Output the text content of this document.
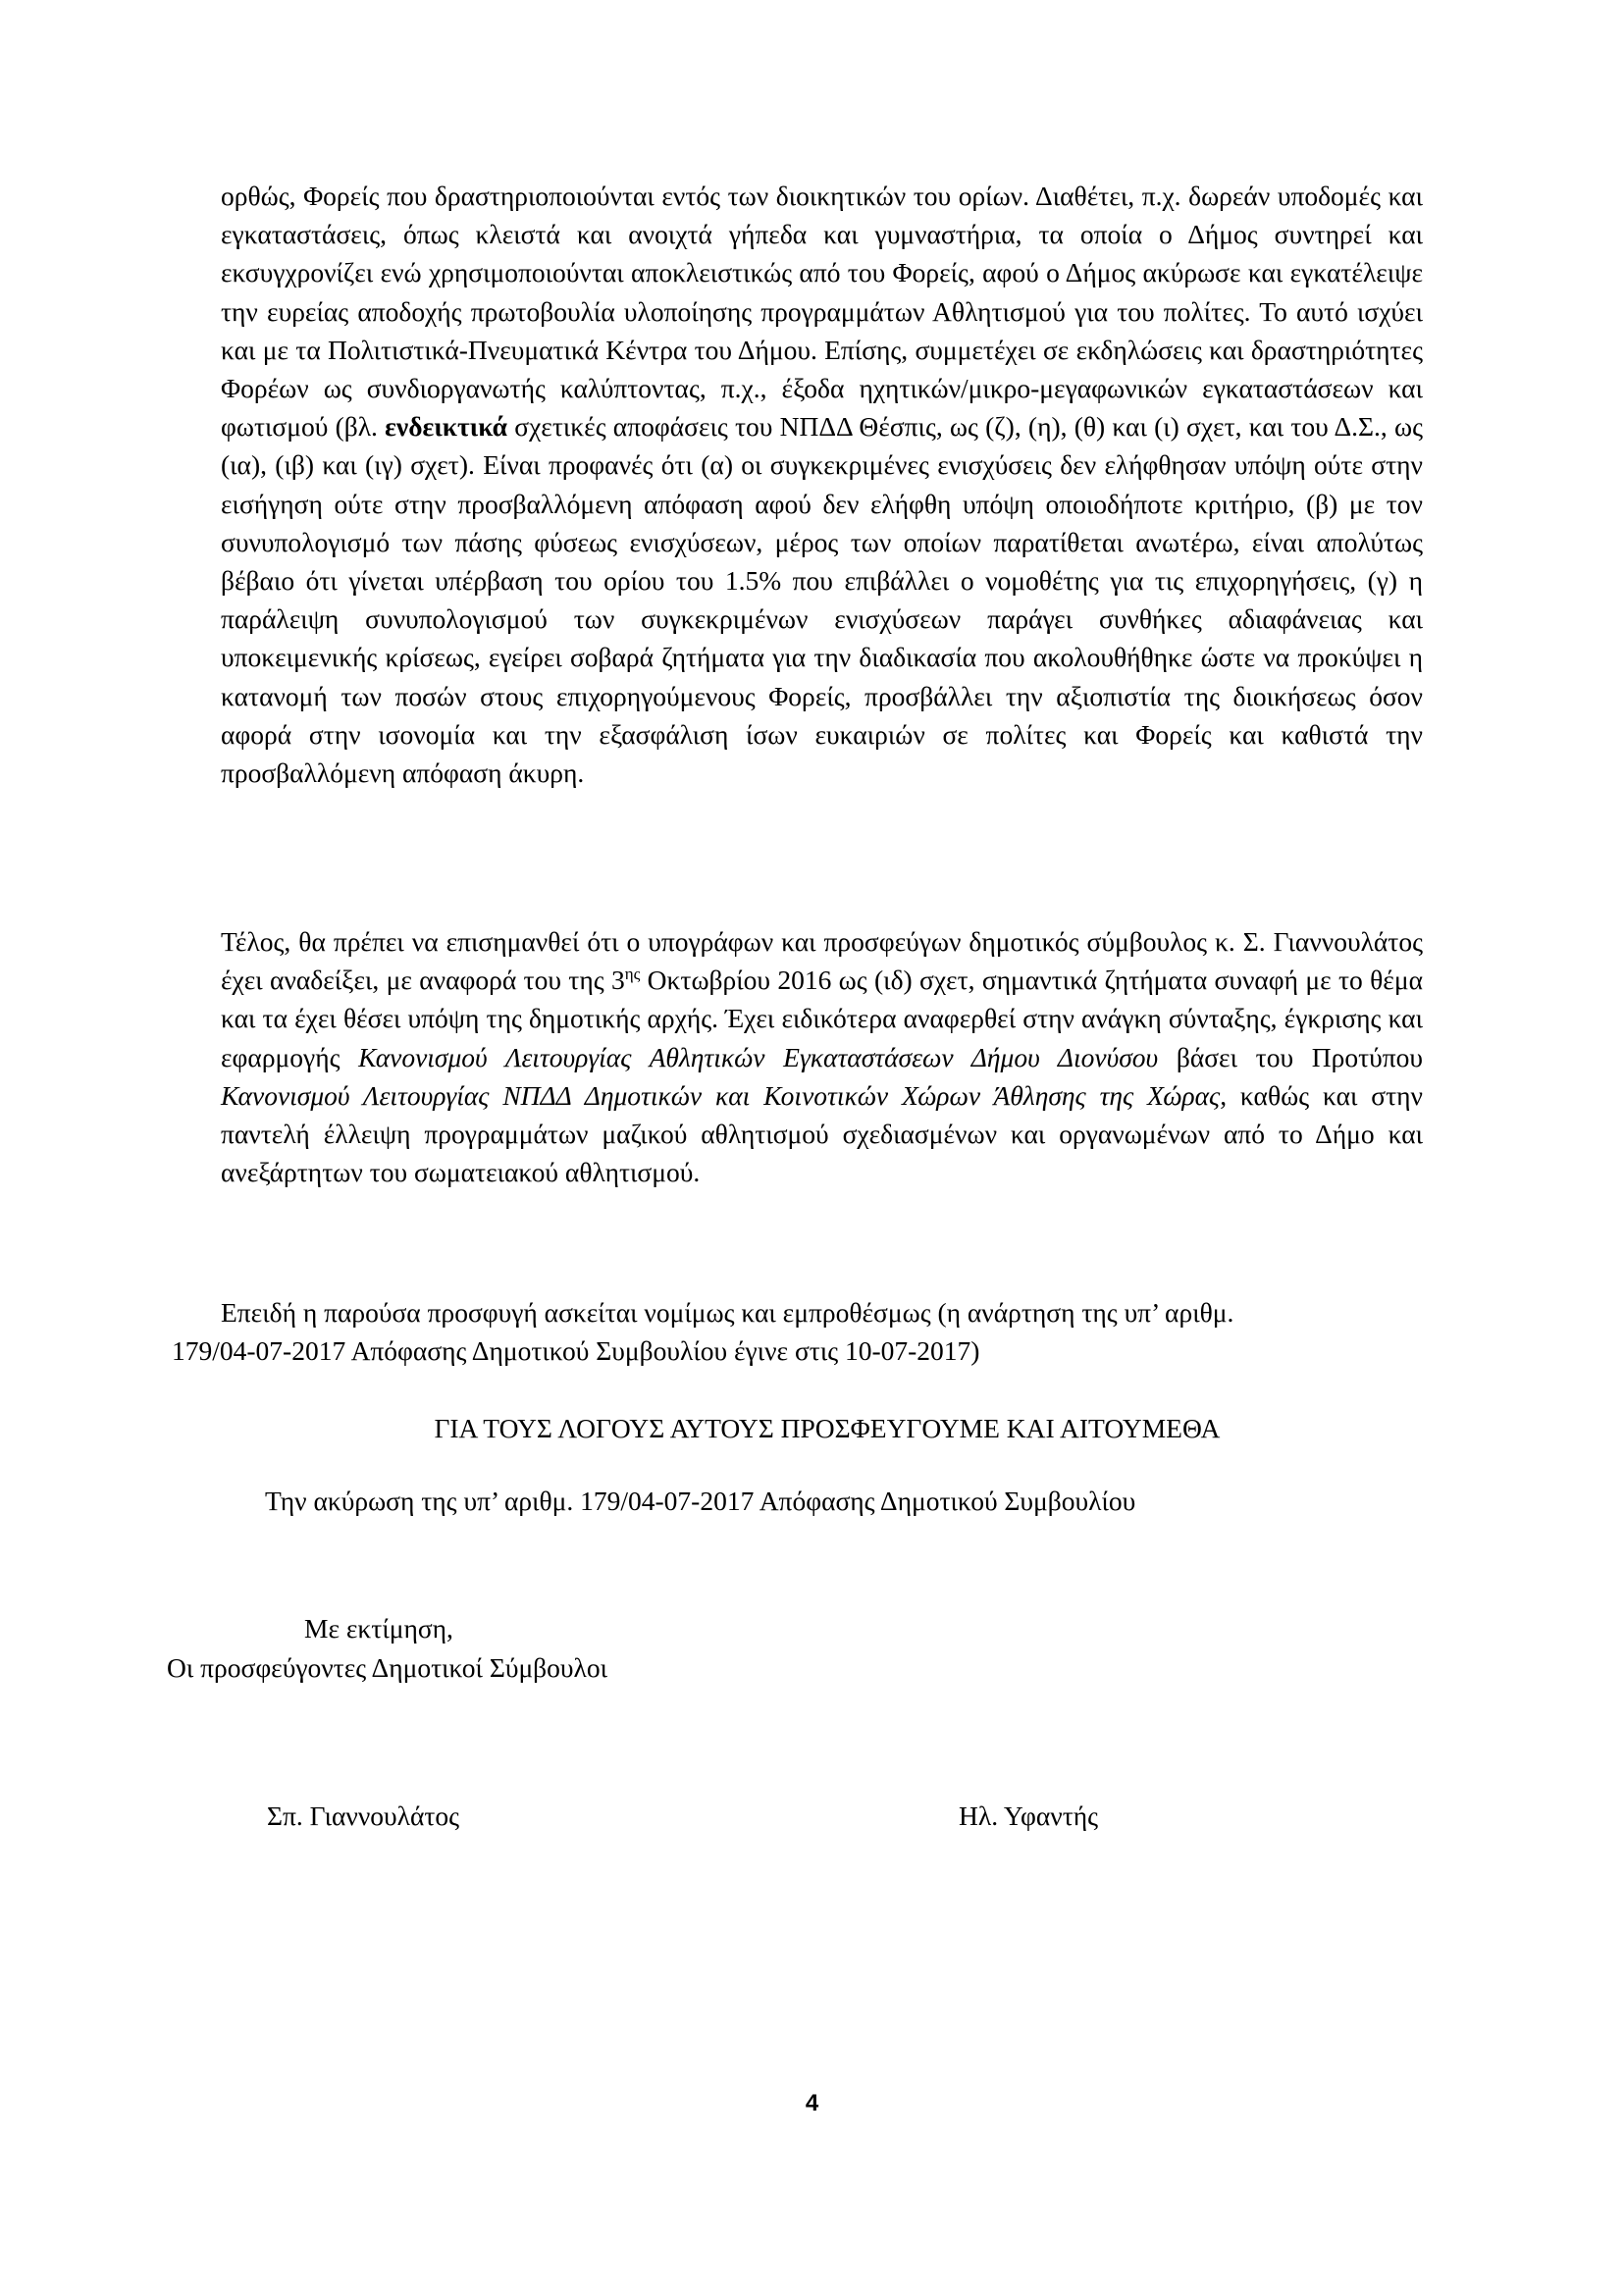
ορθώς, Φορείς που δραστηριοποιούνται εντός των διοικητικών του ορίων. Διαθέτει, π.χ. δωρεάν υποδομές και εγκαταστάσεις, όπως κλειστά και ανοιχτά γήπεδα και γυμναστήρια, τα οποία ο Δήμος συντηρεί και εκσυγχρονίζει ενώ χρησιμοποιούνται αποκλειστικώς από του Φορείς, αφού ο Δήμος ακύρωσε και εγκατέλειψε την ευρείας αποδοχής πρωτοβουλία υλοποίησης προγραμμάτων Αθλητισμού για του πολίτες. Το αυτό ισχύει και με τα Πολιτιστικά-Πνευματικά Κέντρα του Δήμου. Επίσης, συμμετέχει σε εκδηλώσεις και δραστηριότητες Φορέων ως συνδιοργανωτής καλύπτοντας, π.χ., έξοδα ηχητικών/μικρο-μεγαφωνικών εγκαταστάσεων και φωτισμού (βλ. ενδεικτικά σχετικές αποφάσεις του ΝΠΔΔ Θέσπις, ως (ζ), (η), (θ) και (ι) σχετ, και του Δ.Σ., ως (ια), (ιβ) και (ιγ) σχετ). Είναι προφανές ότι (α) οι συγκεκριμένες ενισχύσεις δεν ελήφθησαν υπόψη ούτε στην εισήγηση ούτε στην προσβαλλόμενη απόφαση αφού δεν ελήφθη υπόψη οποιοδήποτε κριτήριο, (β) με τον συνυπολογισμό των πάσης φύσεως ενισχύσεων, μέρος των οποίων παρατίθεται ανωτέρω, είναι απολύτως βέβαιο ότι γίνεται υπέρβαση του ορίου του 1.5% που επιβάλλει ο νομοθέτης για τις επιχορηγήσεις, (γ) η παράλειψη συνυπολογισμού των συγκεκριμένων ενισχύσεων παράγει συνθήκες αδιαφάνειας και υποκειμενικής κρίσεως, εγείρει σοβαρά ζητήματα για την διαδικασία που ακολουθήθηκε ώστε να προκύψει η κατανομή των ποσών στους επιχορηγούμενους Φορείς, προσβάλλει την αξιοπιστία της διοικήσεως όσον αφορά στην ισονομία και την εξασφάλιση ίσων ευκαιριών σε πολίτες και Φορείς και καθιστά την προσβαλλόμενη απόφαση άκυρη.
Τέλος, θα πρέπει να επισημανθεί ότι ο υπογράφων και προσφεύγων δημοτικός σύμβουλος κ. Σ. Γιαννουλάτος έχει αναδείξει, με αναφορά του της $3^{\eta\varsigma}$ Οκτωβρίου 2016 ως (ιδ) σχετ, σημαντικά ζητήματα συναφή με το θέμα και τα έχει θέσει υπόψη της δημοτικής αρχής. Έχει ειδικότερα αναφερθεί στην ανάγκη σύνταξης, έγκρισης και εφαρμογής Κανονισμού Λειτουργίας Αθλητικών Εγκαταστάσεων Δήμου Διονύσου βάσει του Προτύπου Κανονισμού Λειτουργίας ΝΠΔΔ Δημοτικών και Κοινοτικών Χώρων Άθλησης της Χώρας, καθώς και στην παντελή έλλειψη προγραμμάτων μαζικού αθλητισμού σχεδιασμένων και οργανωμένων από το Δήμο και ανεξάρτητων του σωματειακού αθλητισμού.
Επειδή η παρούσα προσφυγή ασκείται νομίμως και εμπροθέσμως (η ανάρτηση της υπ’ αριθμ.
179/04-07-2017 Απόφασης Δημοτικού Συμβουλίου έγινε στις 10-07-2017)
ΓΙΑ ΤΟΥΣ ΛΟΓΟΥΣ ΑΥΤΟΥΣ ΠΡΟΣΦΕΥΓΟΥΜΕ ΚΑΙ ΑΙΤΟΥΜΕΘΑ
Την ακύρωση της υπ’ αριθμ. 179/04-07-2017 Απόφασης Δημοτικού Συμβουλίου
Με εκτίμηση,
Οι προσφεύγοντες Δημοτικοί Σύμβουλοι
Σπ. Γιαννουλάτος	Ηλ. Υφαντής
4
